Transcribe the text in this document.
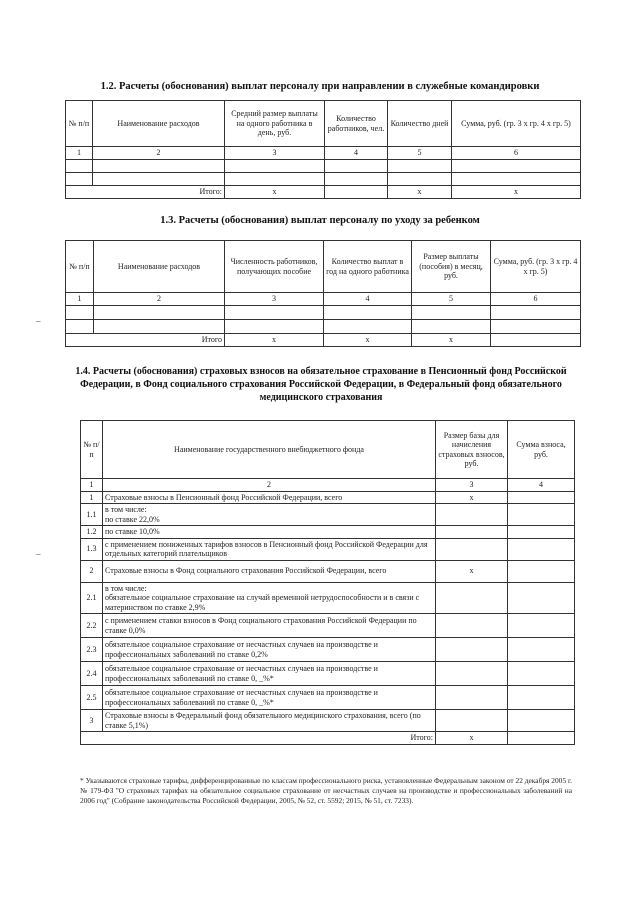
1.2. Расчеты (обоснования) выплат персоналу при направлении в служебные командировки
№ п/п	Наименование расходов	Средний размер выплаты на одного работника в день, руб.	Количество работников, чел.	Количество дней	Сумма, руб. (гр. 3 x гр. 4 x гр. 5)
1	2	3	4	5	6

Итого:		x		x	x
1.3. Расчеты (обоснования) выплат персоналу по уходу за ребенком
№ п/п	Наименование расходов	Численность работников, получающих пособие	Количество выплат в год на одного работника	Размер выплаты (пособия) в месяц, руб.	Сумма, руб. (гр. 3 x гр. 4 x гр. 5)
1	2	3	4	5	6

Итого		x	x	x	
–
–
1.4. Расчеты (обоснования) страховых взносов на обязательное страхование в Пенсионный фонд Российской Федерации, в Фонд социального страхования Российской Федерации, в Федеральный фонд обязательного медицинского страхования
№ п/п	Наименование государственного внебюджетного фонда	Размер базы для начисления страховых взносов, руб.	Сумма взноса, руб.
1	2	3	4
1	Страховые взносы в Пенсионный фонд Российской Федерации, всего	x	
1.1	в том числе:
по ставке 22,0%		
1.2	по ставке 10,0%		
1.3	с применением пониженных тарифов взносов в Пенсионный фонд Российской Федерации для отдельных категорий плательщиков		
2	Страховые взносы в Фонд социального страхования Российской Федерации, всего	x	
2.1	в том числе:
обязательное социальное страхование на случай временной нетрудоспособности и в связи с материнством по ставке 2,9%		
2.2	с применением ставки взносов в Фонд социального страхования Российской Федерации по ставке 0,0%		
2.3	обязательное социальное страхование от несчастных случаев на производстве и профессиональных заболеваний по ставке 0,2%		
2.4	обязательное социальное страхование от несчастных случаев на производстве и профессиональных заболеваний по ставке 0, _%*		
2.5	обязательное социальное страхование от несчастных случаев на производстве и профессиональных заболеваний по ставке 0, _%*		
3	Страховые взносы в Федеральный фонд обязательного медицинского страхования, всего (по ставке 5,1%)		
Итого:		x	
* Указываются страховые тарифы, дифференцированные по классам профессионального риска, установленные Федеральным законом от 22 декабря 2005 г. № 179-ФЗ "О страховых тарифах на обязательное социальное страхование от несчастных случаев на производстве и профессиональных заболеваний на 2006 год" (Собрание законодательства Российской Федерации, 2005, № 52, ст. 5592; 2015, № 51, ст. 7233).
